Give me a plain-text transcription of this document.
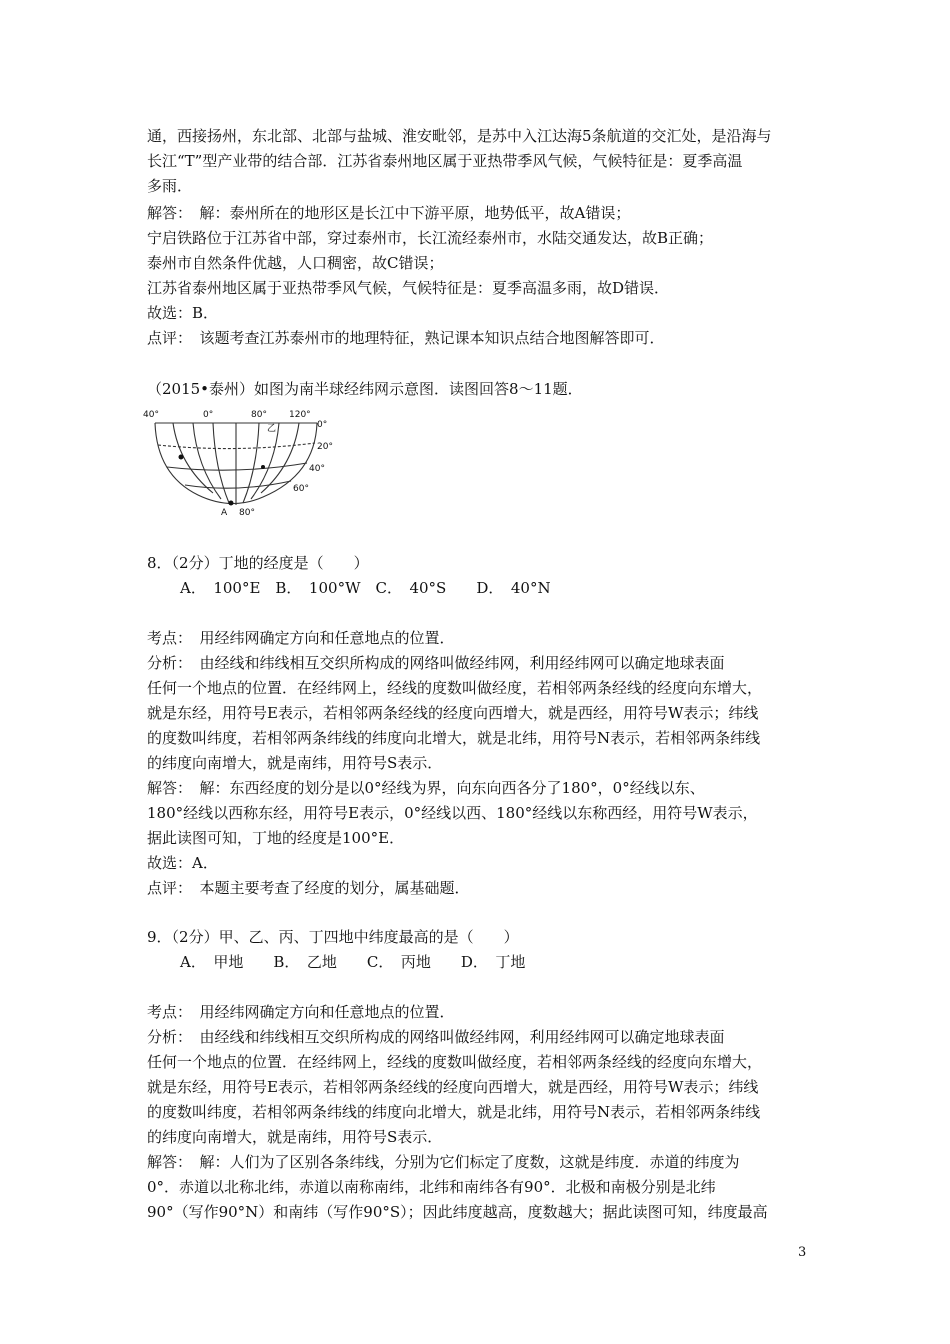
通，西接扬州，东北部、北部与盐城、淮安毗邻，是苏中入江达海5条航道的交汇处，是沿海与
长江“T”型产业带的结合部．江苏省泰州地区属于亚热带季风气候，气候特征是：夏季高温
多雨．
解答：　解：泰州所在的地形区是长江中下游平原，地势低平，故A错误；
宁启铁路位于江苏省中部，穿过泰州市，长江流经泰州市，水陆交通发达，故B正确；
泰州市自然条件优越，人口稠密，故C错误；
江苏省泰州地区属于亚热带季风气候，气候特征是：夏季高温多雨，故D错误．
故选：B．
点评：　该题考查江苏泰州市的地理特征，熟记课本知识点结合地图解答即可．
（2015•泰州）如图为南半球经纬网示意图．读图回答8～11题．
40°	0°	80° 120°
0°
20°
40°
60°
80°
乙
A
8．（2分）丁地的经度是（　　）
A．　100°E　B．　100°W　C．　40°S　　D．　40°N
考点：　用经纬网确定方向和任意地点的位置．
分析：　由经线和纬线相互交织所构成的网络叫做经纬网，利用经纬网可以确定地球表面
任何一个地点的位置．在经纬网上，经线的度数叫做经度，若相邻两条经线的经度向东增大，
就是东经，用符号E表示，若相邻两条经线的经度向西增大，就是西经，用符号W表示；纬线
的度数叫纬度，若相邻两条纬线的纬度向北增大，就是北纬，用符号N表示，若相邻两条纬线
的纬度向南增大，就是南纬，用符号S表示．
解答：　解：东西经度的划分是以0°经线为界，向东向西各分了180°，0°经线以东、
180°经线以西称东经，用符号E表示，0°经线以西、180°经线以东称西经，用符号W表示，
据此读图可知，丁地的经度是100°E．
故选：A．
点评：　本题主要考查了经度的划分，属基础题．
9．（2分）甲、乙、丙、丁四地中纬度最高的是（　　）
A．　甲地　　B．　乙地　　C．　丙地　　D．　丁地
考点：　用经纬网确定方向和任意地点的位置．
分析：　由经线和纬线相互交织所构成的网络叫做经纬网，利用经纬网可以确定地球表面
任何一个地点的位置．在经纬网上，经线的度数叫做经度，若相邻两条经线的经度向东增大，
就是东经，用符号E表示，若相邻两条经线的经度向西增大，就是西经，用符号W表示；纬线
的度数叫纬度，若相邻两条纬线的纬度向北增大，就是北纬，用符号N表示，若相邻两条纬线
的纬度向南增大，就是南纬，用符号S表示．
解答：　解：人们为了区别各条纬线，分别为它们标定了度数，这就是纬度．赤道的纬度为
0°．赤道以北称北纬，赤道以南称南纬，北纬和南纬各有90°．北极和南极分别是北纬
90°（写作90°N）和南纬（写作90°S）；因此纬度越高，度数越大；据此读图可知，纬度最高
3
